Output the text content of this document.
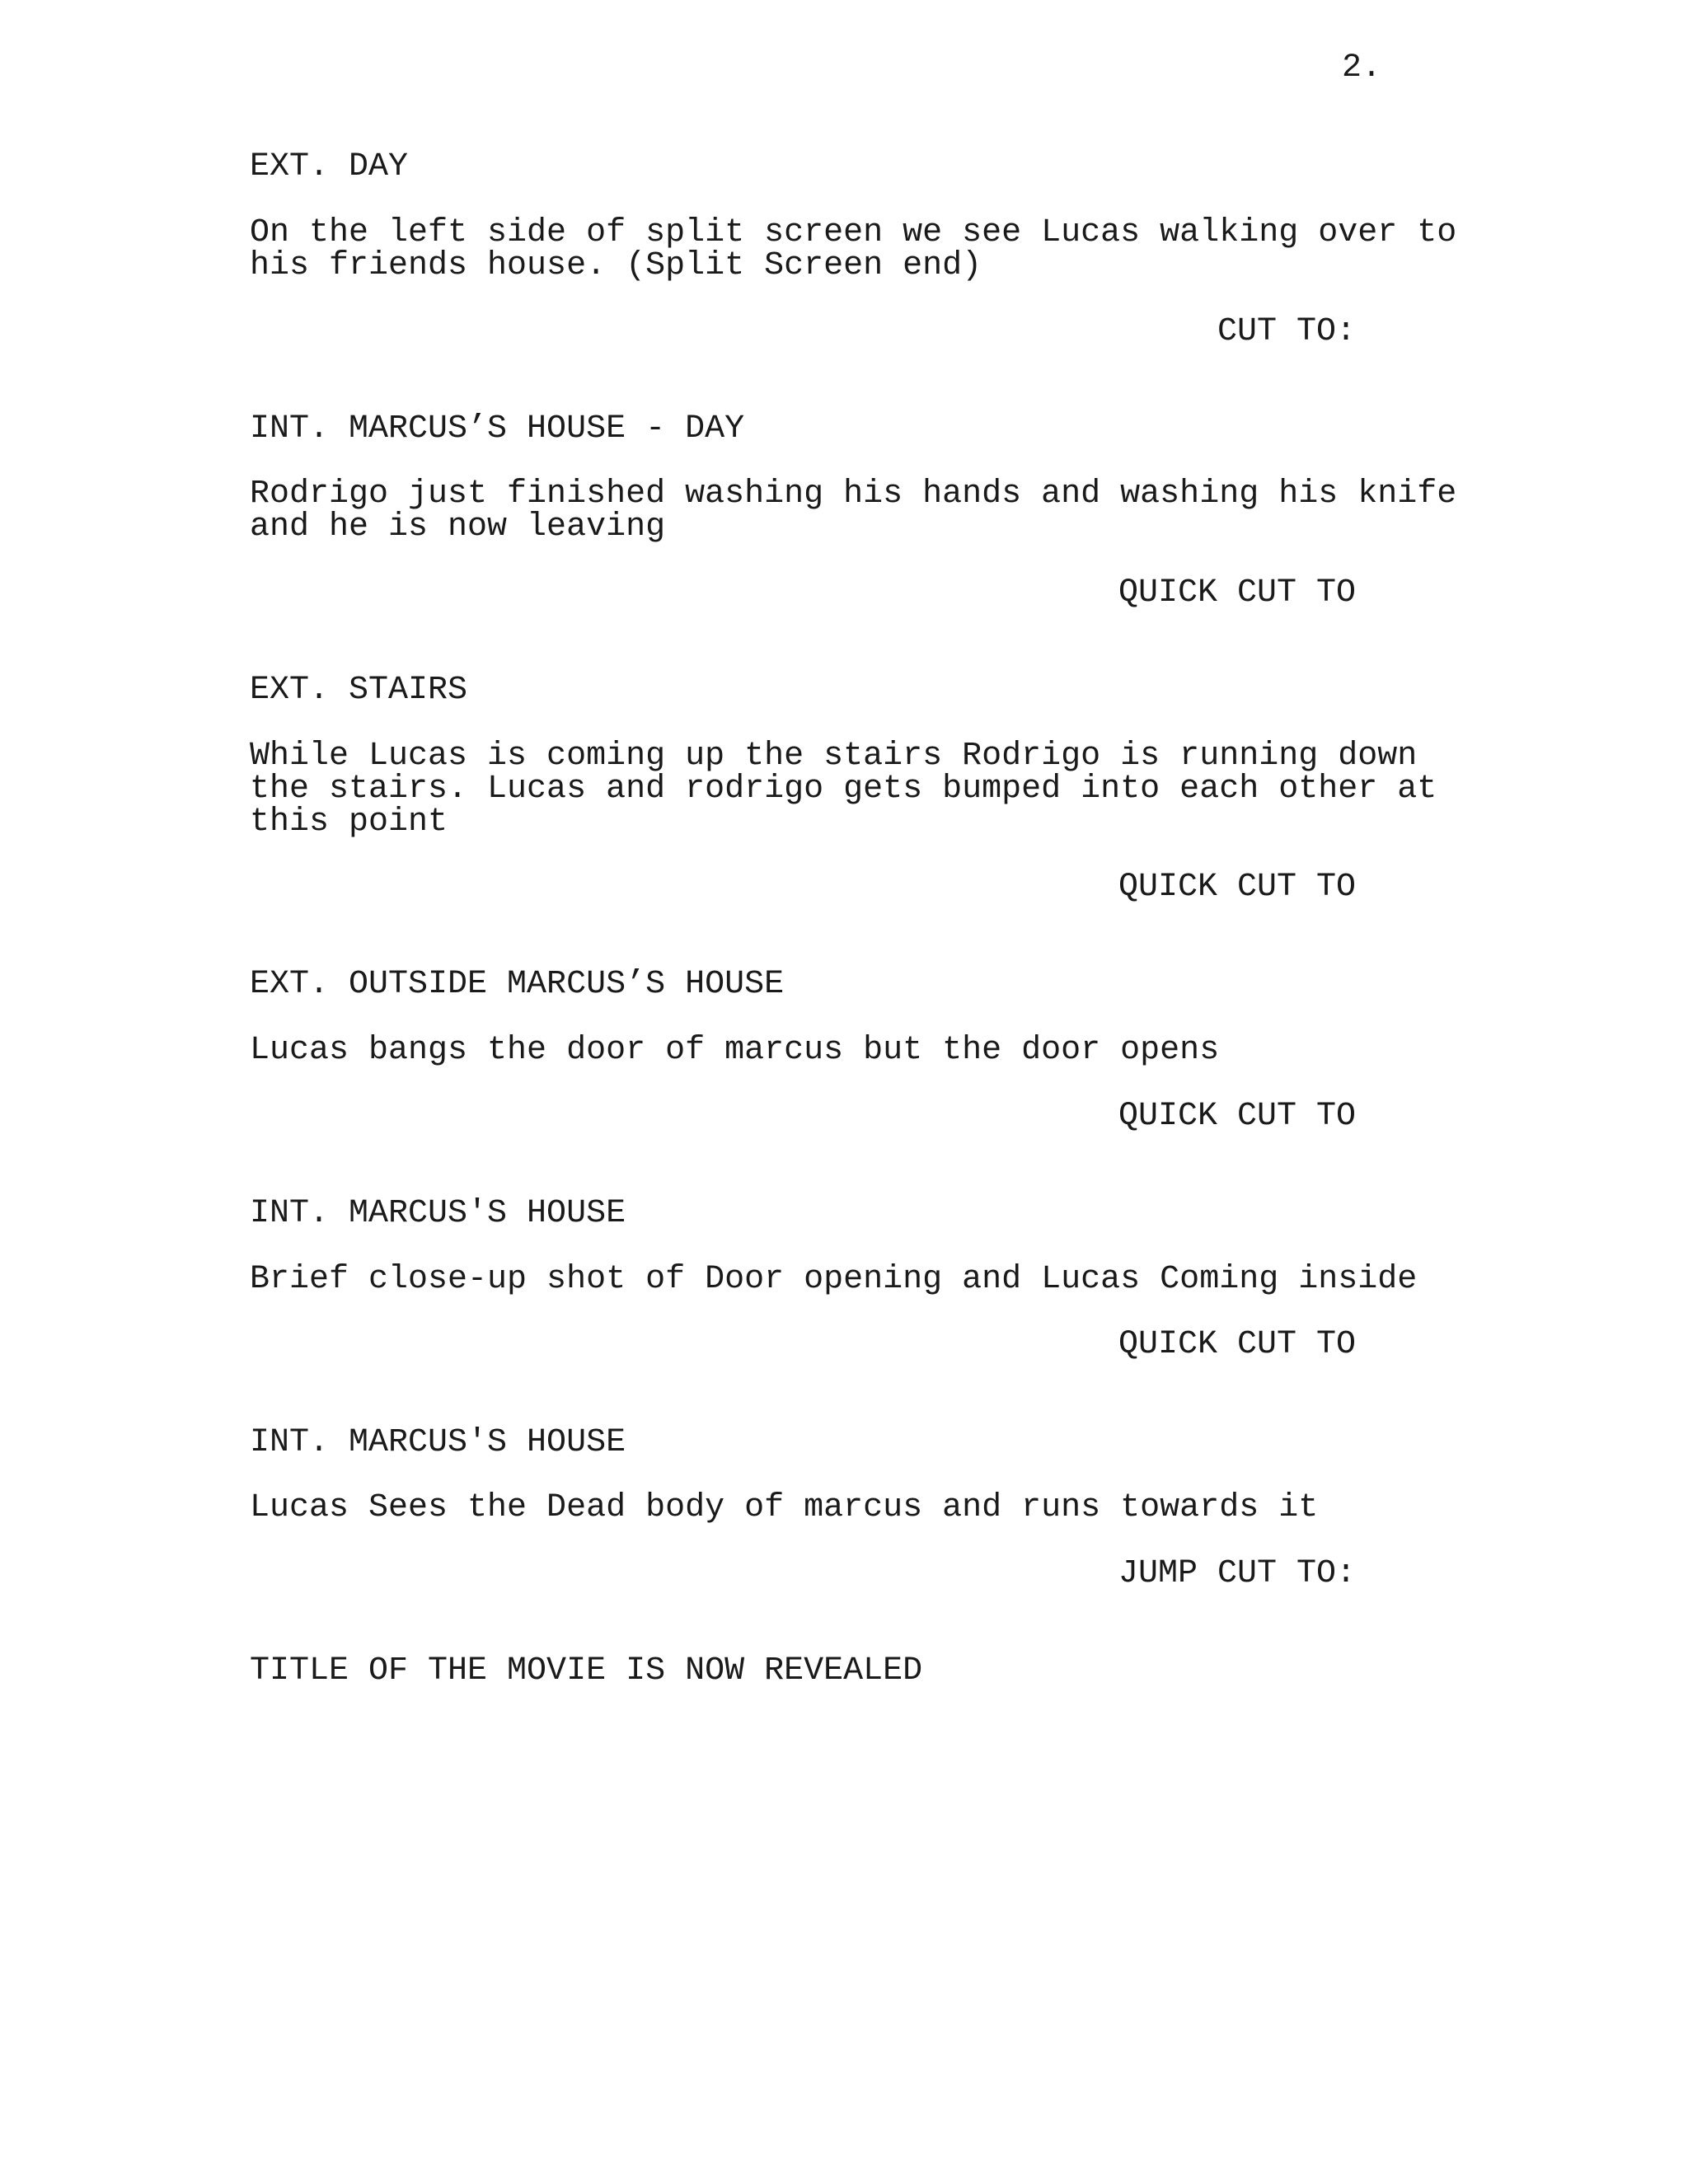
2.
EXT. DAY
On the left side of split screen we see Lucas walking over to
his friends house. (Split Screen end)
CUT TO:
INT. MARCUS’S HOUSE - DAY
Rodrigo just finished washing his hands and washing his knife
and he is now leaving
QUICK CUT TO
EXT. STAIRS
While Lucas is coming up the stairs Rodrigo is running down
the stairs. Lucas and rodrigo gets bumped into each other at
this point
QUICK CUT TO
EXT. OUTSIDE MARCUS’S HOUSE
Lucas bangs the door of marcus but the door opens
QUICK CUT TO
INT. MARCUS'S HOUSE
Brief close-up shot of Door opening and Lucas Coming inside
QUICK CUT TO
INT. MARCUS'S HOUSE
Lucas Sees the Dead body of marcus and runs towards it
JUMP CUT TO:
TITLE OF THE MOVIE IS NOW REVEALED
